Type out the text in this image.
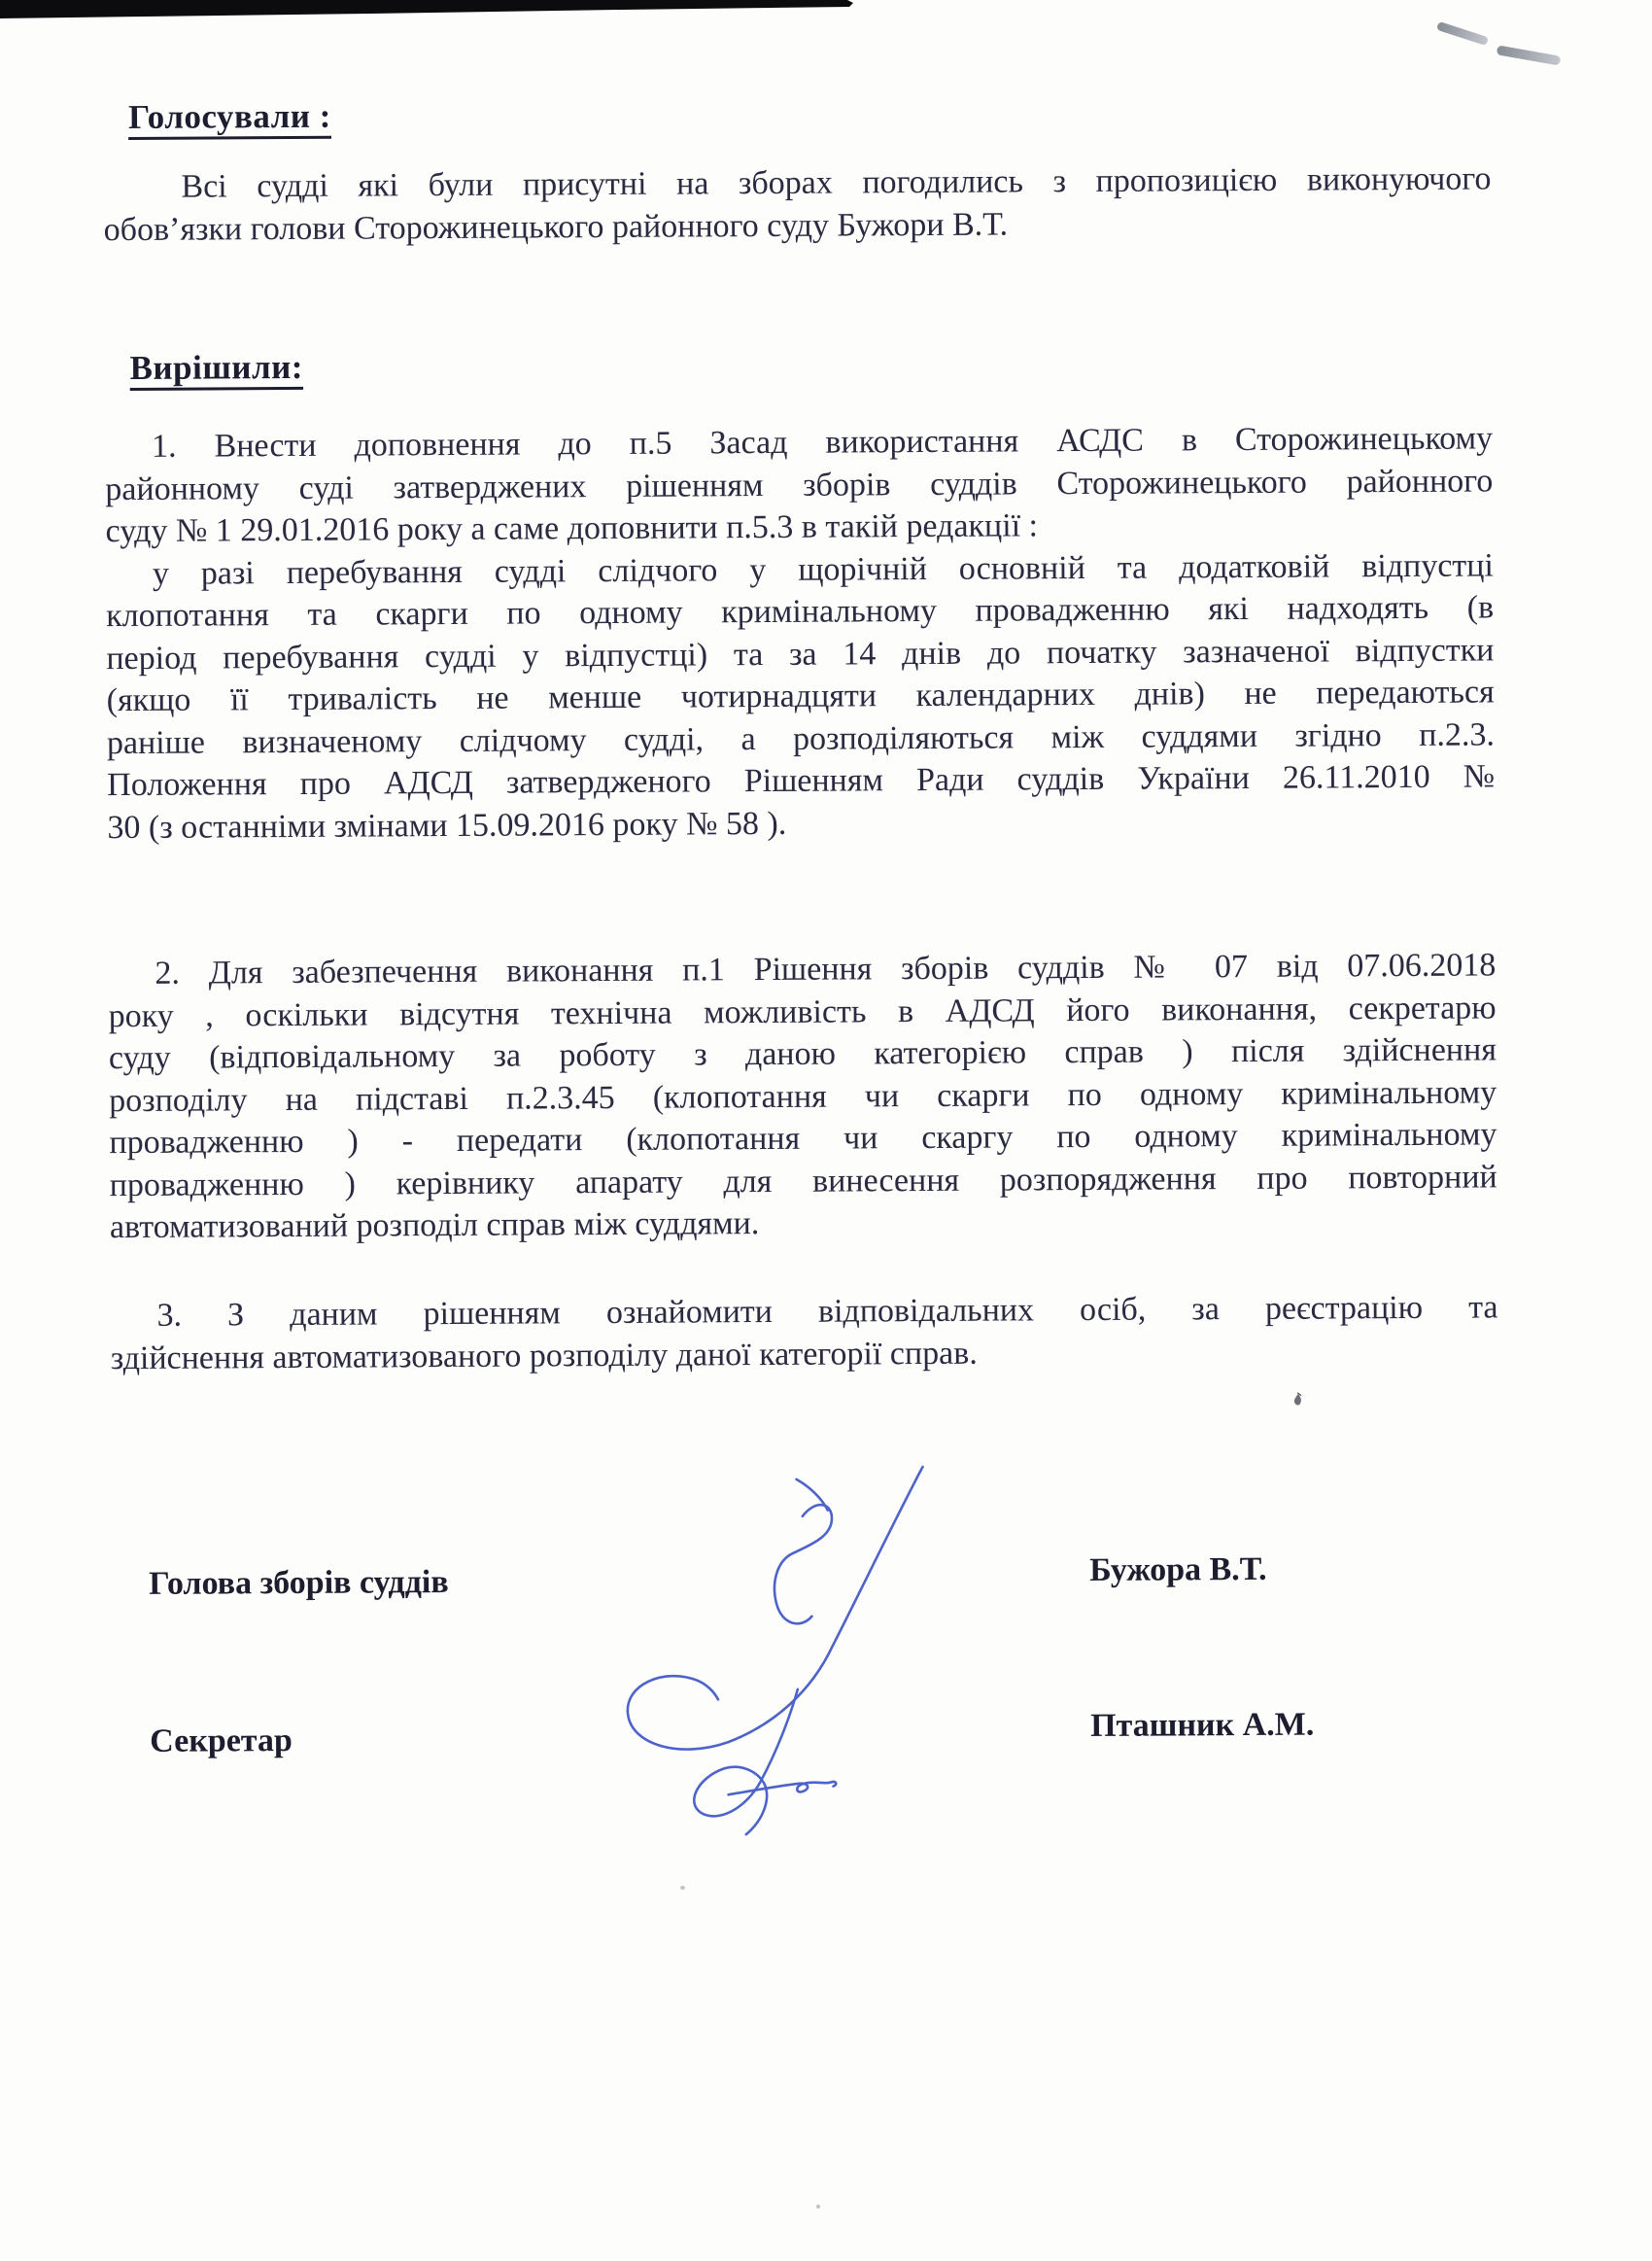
Голосували :
Всі судді які були присутні на зборах погодились з пропозицією виконуючого
обов’язки голови Сторожинецького районного суду Бужори В.Т.
Вирішили:
1. Внести доповнення до п.5 Засад використання АСДС в Сторожинецькому
районному суді затверджених рішенням зборів суддів Сторожинецького районного
суду № 1 29.01.2016 року а саме доповнити п.5.3 в такій редакції :
у разі перебування судді слідчого у щорічній основній та додатковій відпустці
клопотання та скарги по одному кримінальному провадженню які надходять (в
період перебування судді у відпустці) та за 14 днів до початку зазначеної відпустки
(якщо її тривалість не менше чотирнадцяти календарних днів) не передаються
раніше визначеному слідчому судді, а розподіляються між суддями згідно п.2.3.
Положення про АДСД затвердженого Рішенням Ради суддів України 26.11.2010 №
30 (з останніми змінами 15.09.2016 року № 58 ).
2. Для забезпечення виконання п.1 Рішення зборів суддів № 07 від 07.06.2018
року , оскільки відсутня технічна можливість в АДСД його виконання, секретарю
суду (відповідальному за роботу з даною категорією справ ) після здійснення
розподілу на підставі п.2.3.45 (клопотання чи скарги по одному кримінальному
провадженню ) - передати (клопотання чи скаргу по одному кримінальному
провадженню ) керівнику апарату для винесення розпорядження про повторний
автоматизований розподіл справ між суддями.
3. З даним рішенням ознайомити відповідальних осіб, за реєстрацію та
здійснення автоматизованого розподілу даної категорії справ.
Голова зборів суддів	Бужора В.Т.
Секретар	Пташник А.М.
